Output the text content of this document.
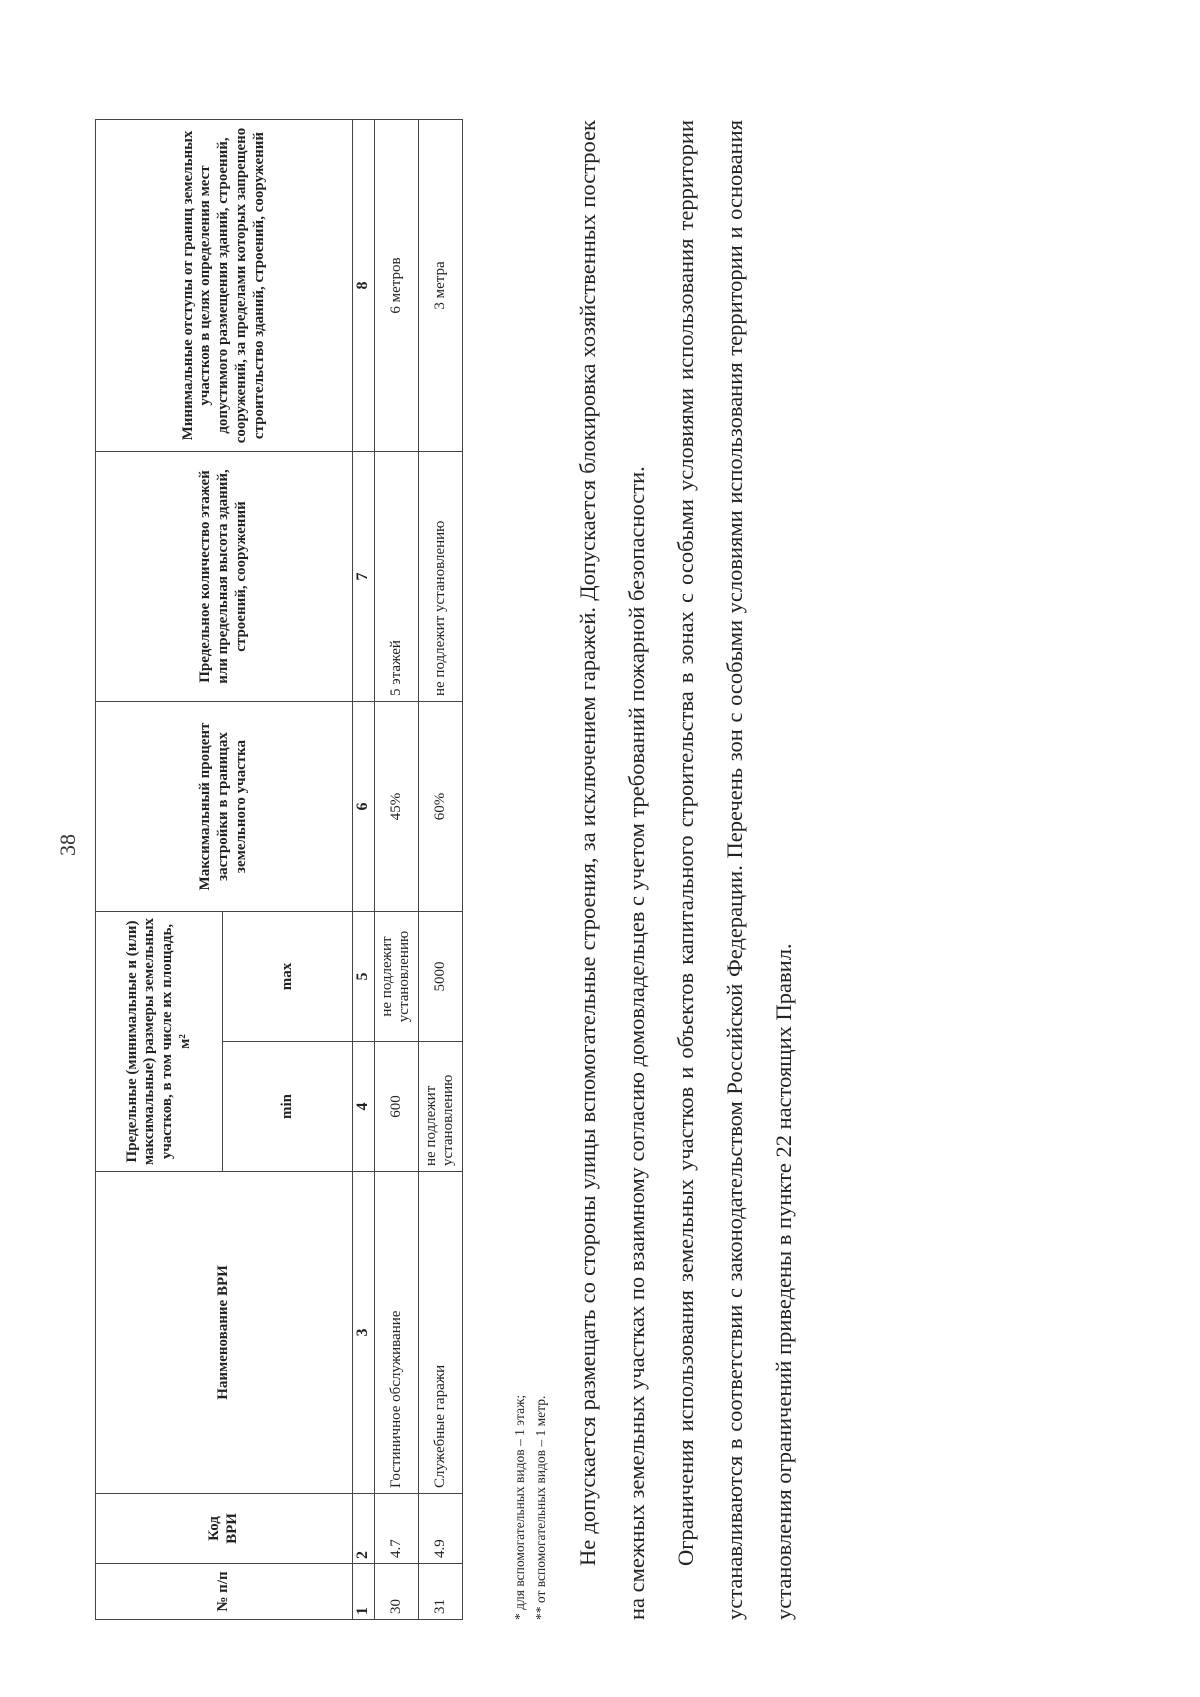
38
№ п/п	Код ВРИ	Наименование ВРИ	Предельные (минимальные и (или) максимальные) размеры земельных участков, в том числе их площадь, м²		Максимальный процент застройки в границах земельного участка	Предельное количество этажей или предельная высота зданий, строений, сооружений	Минимальные отступы от границ земельных участков в целях определения мест допустимого размещения зданий, строений, сооружений, за пределами которых запрещено строительство зданий, строений, сооружений
			min	max			
1	2	3	4	5	6	7	8
30	4.7	Гостиничное обслуживание	600	не подлежит установлению	45%	5 этажей	6 метров
31	4.9	Служебные гаражи	не подлежит установлению	5000	60%	не подлежит установлению	3 метра
* для вспомогательных видов – 1 этаж; ** от вспомогательных видов – 1 метр.	Не допускается размещать со стороны улицы вспомогательные строения, за исключением гаражей. Допускается блокировка хозяйственных построек на смежных земельных участках по взаимному согласию домовладельцев с учетом требований пожарной безопасности.	Ограничения использования земельных участков и объектов капитального строительства в зонах с особыми условиями использования территории устанавливаются в соответствии с законодательством Российской Федерации. Перечень зон с особыми условиями использования территории и основания установления ограничений приведены в пункте 22 настоящих Правил.
